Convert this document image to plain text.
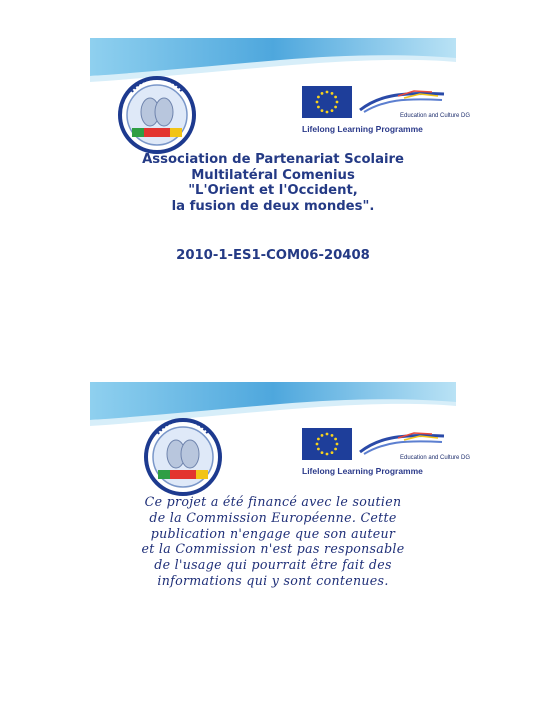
Education and Culture DG
Lifelong Learning Programme
Association de Partenariat Scolaire
Multilatéral Comenius
"L'Orient et l'Occident,
la fusion de deux mondes".
2010-1-ES1-COM06-20408
Education and Culture DG
Lifelong Learning Programme
Ce projet a été financé avec le soutien
de la Commission Européenne. Cette
publication n'engage que son auteur
et la Commission n'est pas responsable
de l'usage qui pourrait être fait des
informations qui y sont contenues.
